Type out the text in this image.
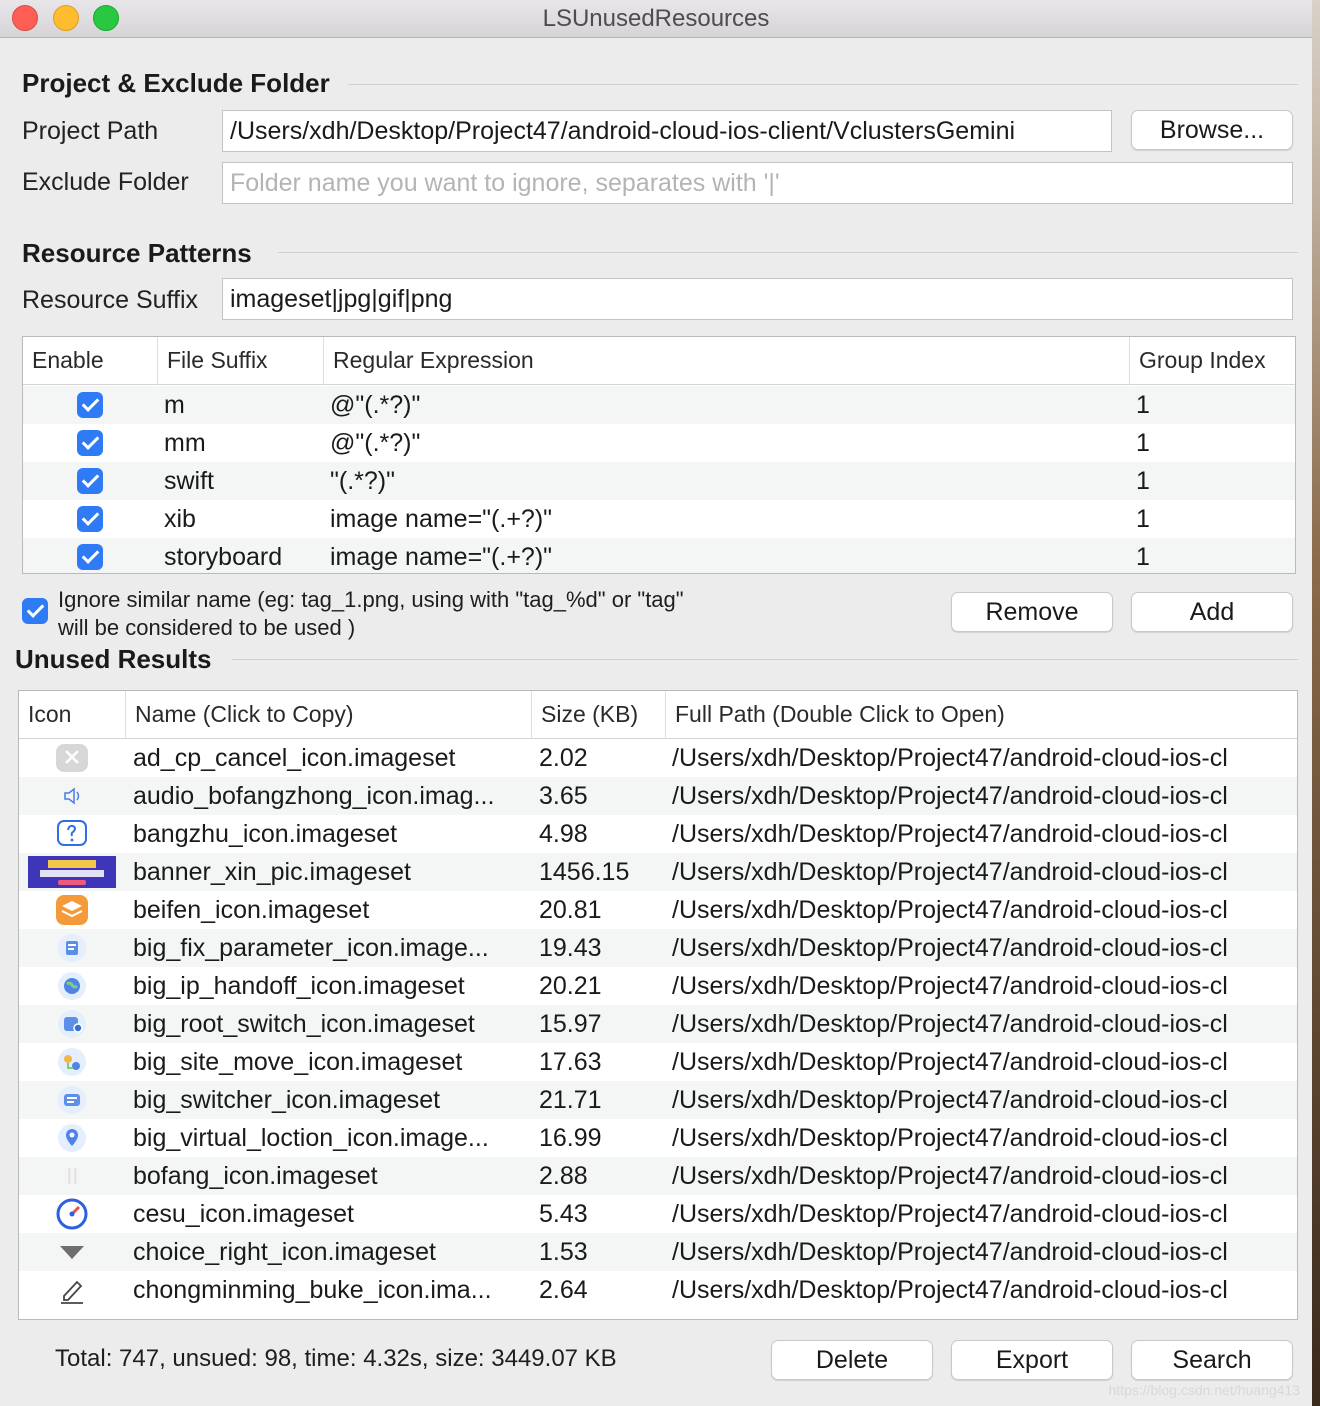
LSUnusedResources
Project & Exclude Folder
Project Path	/Users/xdh/Desktop/Project47/android-cloud-ios-client/VclustersGemini	Browse...
Exclude Folder	Folder name you want to ignore, separates with '|'
Resource Patterns
Resource Suffix	imageset|jpg|gif|png
Enable	File Suffix	Regular Expression	Group Index
m	@"(.*?)"	1
mm	@"(.*?)"	1
swift	"(.*?)"	1
xib	image name="(.+?)"	1
storyboard	image name="(.+?)"	1
Ignore similar name (eg: tag_1.png, using with "tag_%d" or "tag"
will be considered to be used )
Remove	Add
Unused Results
Icon	Name (Click to Copy)	Size (KB)	Full Path (Double Click to Open)
ad_cp_cancel_icon.imageset	2.02	/Users/xdh/Desktop/Project47/android-cloud-ios-cl
audio_bofangzhong_icon.imag...	3.65	/Users/xdh/Desktop/Project47/android-cloud-ios-cl
bangzhu_icon.imageset	4.98	/Users/xdh/Desktop/Project47/android-cloud-ios-cl
banner_xin_pic.imageset	1456.15	/Users/xdh/Desktop/Project47/android-cloud-ios-cl
beifen_icon.imageset	20.81	/Users/xdh/Desktop/Project47/android-cloud-ios-cl
big_fix_parameter_icon.image...	19.43	/Users/xdh/Desktop/Project47/android-cloud-ios-cl
big_ip_handoff_icon.imageset	20.21	/Users/xdh/Desktop/Project47/android-cloud-ios-cl
big_root_switch_icon.imageset	15.97	/Users/xdh/Desktop/Project47/android-cloud-ios-cl
big_site_move_icon.imageset	17.63	/Users/xdh/Desktop/Project47/android-cloud-ios-cl
big_switcher_icon.imageset	21.71	/Users/xdh/Desktop/Project47/android-cloud-ios-cl
big_virtual_loction_icon.image...	16.99	/Users/xdh/Desktop/Project47/android-cloud-ios-cl
bofang_icon.imageset	2.88	/Users/xdh/Desktop/Project47/android-cloud-ios-cl
cesu_icon.imageset	5.43	/Users/xdh/Desktop/Project47/android-cloud-ios-cl
choice_right_icon.imageset	1.53	/Users/xdh/Desktop/Project47/android-cloud-ios-cl
chongminming_buke_icon.ima...	2.64	/Users/xdh/Desktop/Project47/android-cloud-ios-cl
Total: 747, unsued: 98, time: 4.32s, size: 3449.07 KB	Delete	Export	Search
https://blog.csdn.net/huang413
